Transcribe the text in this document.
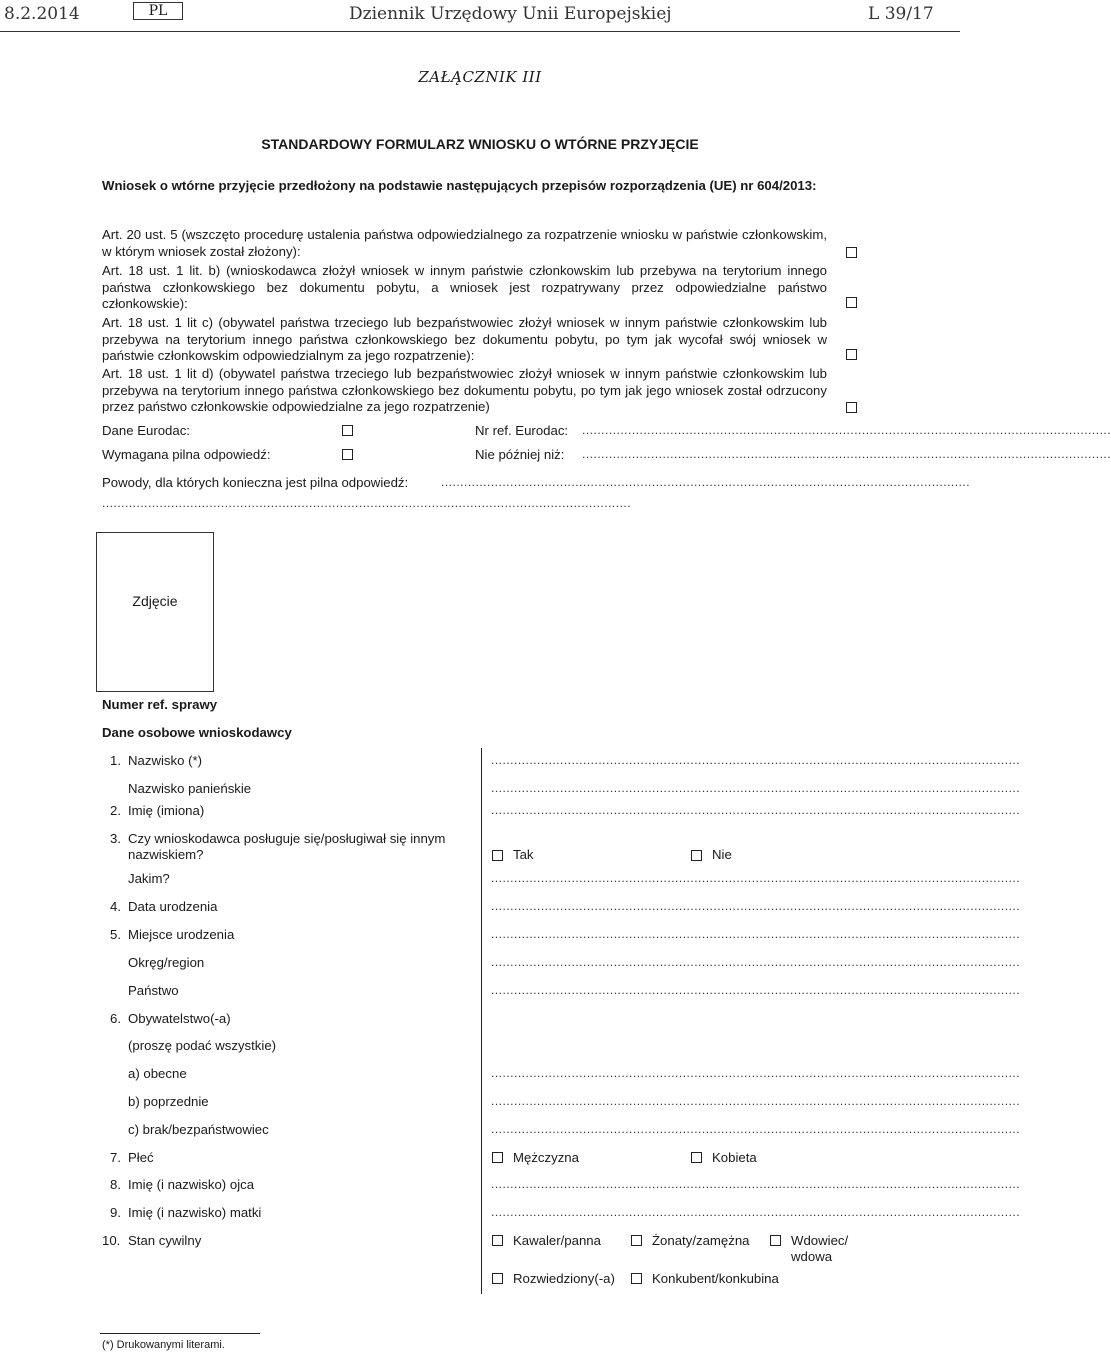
8.2.2014	PL	Dziennik Urzędowy Unii Europejskiej	L 39/17
ZAŁĄCZNIK III
STANDARDOWY FORMULARZ WNIOSKU O WTÓRNE PRZYJĘCIE
Wniosek o wtórne przyjęcie przedłożony na podstawie następujących przepisów rozporządzenia (UE) nr 604/2013:
Art. 20 ust. 5 (wszczęto procedurę ustalenia państwa odpowiedzialnego za rozpatrzenie wniosku w państwie członkowskim, w którym wniosek został złożony):
Art. 18 ust. 1 lit. b) (wnioskodawca złożył wniosek w innym państwie członkowskim lub przebywa na terytorium innego państwa członkowskiego bez dokumentu pobytu, a wniosek jest rozpatrywany przez odpowiedzialne państwo członkowskie):
Art. 18 ust. 1 lit c) (obywatel państwa trzeciego lub bezpaństwowiec złożył wniosek w innym państwie członkowskim lub przebywa na terytorium innego państwa członkowskiego bez dokumentu pobytu, po tym jak wycofał swój wniosek w państwie członkowskim odpowiedzialnym za jego rozpatrzenie):
Art. 18 ust. 1 lit d) (obywatel państwa trzeciego lub bezpaństwowiec złożył wniosek w innym państwie członkowskim lub przebywa na terytorium innego państwa członkowskiego bez dokumentu pobytu, po tym jak jego wniosek został odrzucony przez państwo członkowskie odpowiedzialne za jego rozpatrzenie)
Dane Eurodac:	Nr ref. Eurodac: ..........................................................................................................................................
Wymagana pilna odpowiedź:	Nie później niż: ..........................................................................................................................................
Powody, dla których konieczna jest pilna odpowiedź:	..........................................................................................................................................
..........................................................................................................................................
Zdjęcie
Numer ref. sprawy
Dane osobowe wnioskodawcy
1. Nazwisko (*)	..........................................................................................................................................
Nazwisko panieńskie	..........................................................................................................................................
2. Imię (imiona)	..........................................................................................................................................
3. Czy wnioskodawca posługuje się/posługiwał się innym nazwiskiem?	Tak	Nie
Jakim?	..........................................................................................................................................
4. Data urodzenia	..........................................................................................................................................
5. Miejsce urodzenia	..........................................................................................................................................
Okręg/region	..........................................................................................................................................
Państwo	..........................................................................................................................................
6. Obywatelstwo(-a)
(proszę podać wszystkie)
a) obecne	..........................................................................................................................................
b) poprzednie	..........................................................................................................................................
c) brak/bezpaństwowiec	..........................................................................................................................................
7. Płeć	Mężczyzna	Kobieta
8. Imię (i nazwisko) ojca	..........................................................................................................................................
9. Imię (i nazwisko) matki	..........................................................................................................................................
10. Stan cywilny	Kawaler/panna	Żonaty/zamężna	Wdowiec/
wdowa
Rozwiedziony(-a)	Konkubent/konkubina
(*) Drukowanymi literami.
